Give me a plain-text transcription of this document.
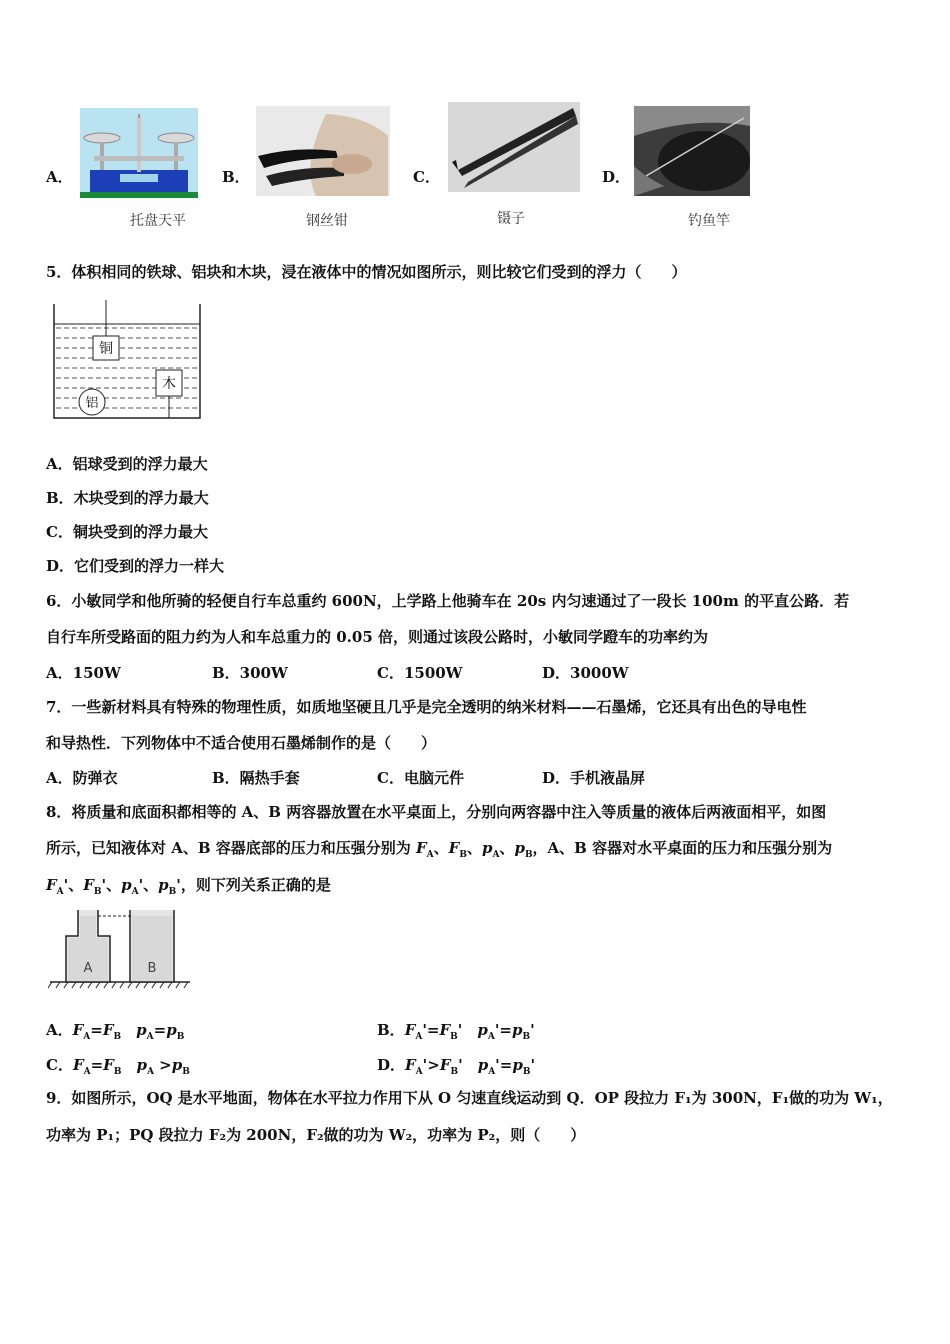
A．
托盘天平
B．
钢丝钳
C．
镊子
D．
钓鱼竿
5．体积相同的铁球、铝块和木块，浸在液体中的情况如图所示，则比较它们受到的浮力（　　）
铜
木
铝
A．铝球受到的浮力最大
B．木块受到的浮力最大
C．铜块受到的浮力最大
D．它们受到的浮力一样大
6．小敏同学和他所骑的轻便自行车总重约 600N，上学路上他骑车在 20s 内匀速通过了一段长 100m 的平直公路．若
自行车所受路面的阻力约为人和车总重力的 0.05 倍，则通过该段公路时，小敏同学蹬车的功率约为
A．150W	B．300W	C．1500W	D．3000W
7．一些新材料具有特殊的物理性质，如质地坚硬且几乎是完全透明的纳米材料——石墨烯，它还具有出色的导电性
和导热性．下列物体中不适合使用石墨烯制作的是（　　）
A．防弹衣	B．隔热手套	C．电脑元件	D．手机液晶屏
8．将质量和底面积都相等的 A、B 两容器放置在水平桌面上，分别向两容器中注入等质量的液体后两液面相平，如图
所示，已知液体对 A、B 容器底部的压力和压强分别为 $F_A$、$F_B$、$p_A$、$p_B$，A、B 容器对水平桌面的压力和压强分别为
$F_A'$、$F_B'$、$p_A'$、$p_B'$，则下列关系正确的是
A	B
A．$F_A=F_B$　 $p_A=p_B$	B．$F_A'=F_B'$　$p_A'=p_B'$
C．$F_A=F_B$　 $p_A >p_B$	D．$F_A'>F_B'$　$p_A'=p_B'$
9．如图所示，OQ 是水平地面，物体在水平拉力作用下从 O 匀速直线运动到 Q．OP 段拉力 F₁为 300N，F₁做的功为 W₁，
功率为 P₁；PQ 段拉力 F₂为 200N，F₂做的功为 W₂，功率为 P₂，则（　　）
